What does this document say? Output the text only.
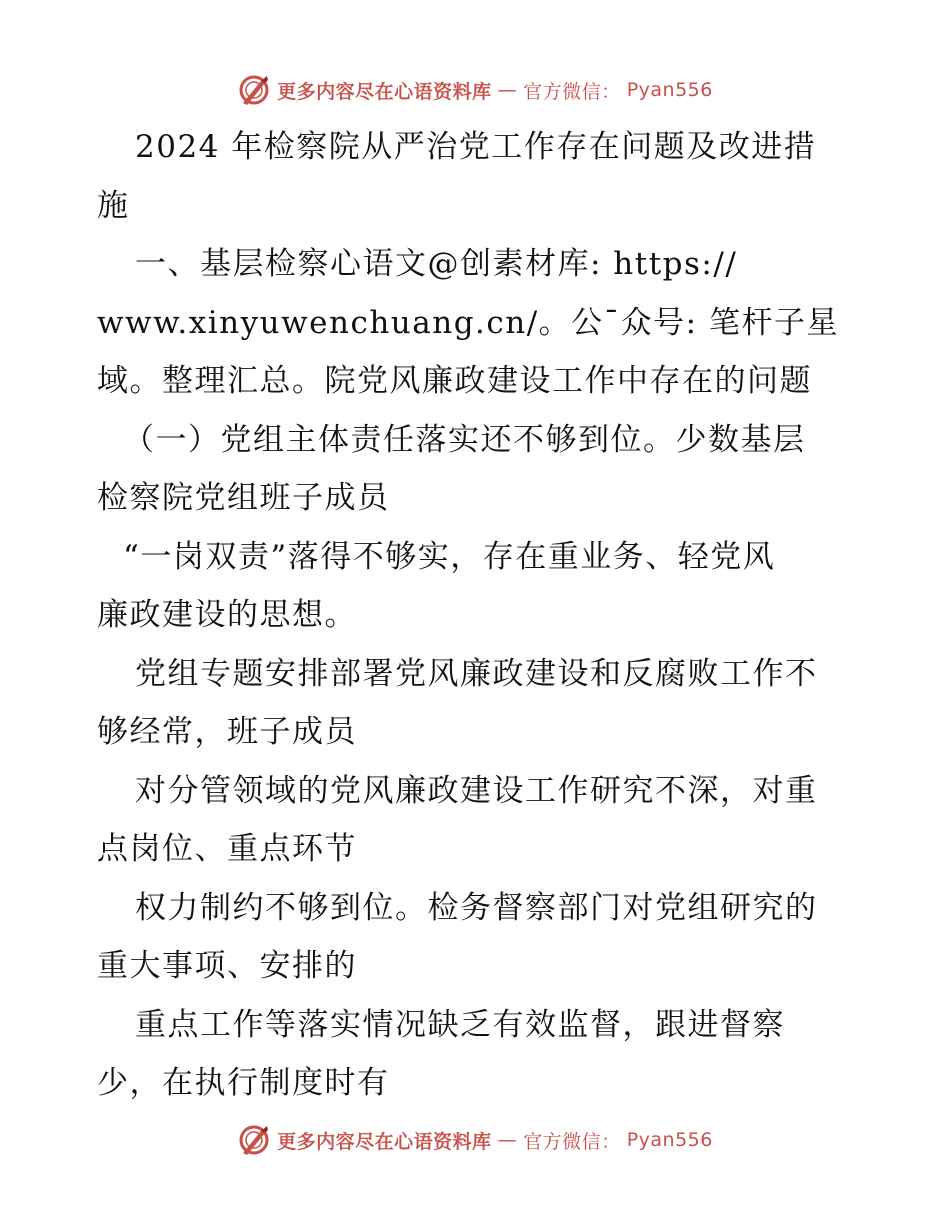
更多内容尽在心语资料库 — 官方微信： Pyan556
2024 年检察院从严治党工作存在问题及改进措
施
一、基层检察心语文@创素材库: https://
www.xinyuwenchuang.cn/。公¯众号: 笔杆子星
域。整理汇总。院党风廉政建设工作中存在的问题
（一）党组主体责任落实还不够到位。少数基层
检察院党组班子成员
“一岗双责”落得不够实，存在重业务、轻党风
廉政建设的思想。
党组专题安排部署党风廉政建设和反腐败工作不
够经常，班子成员
对分管领域的党风廉政建设工作研究不深，对重
点岗位、重点环节
权力制约不够到位。检务督察部门对党组研究的
重大事项、安排的
重点工作等落实情况缺乏有效监督，跟进督察
少，在执行制度时有
更多内容尽在心语资料库 — 官方微信： Pyan556
